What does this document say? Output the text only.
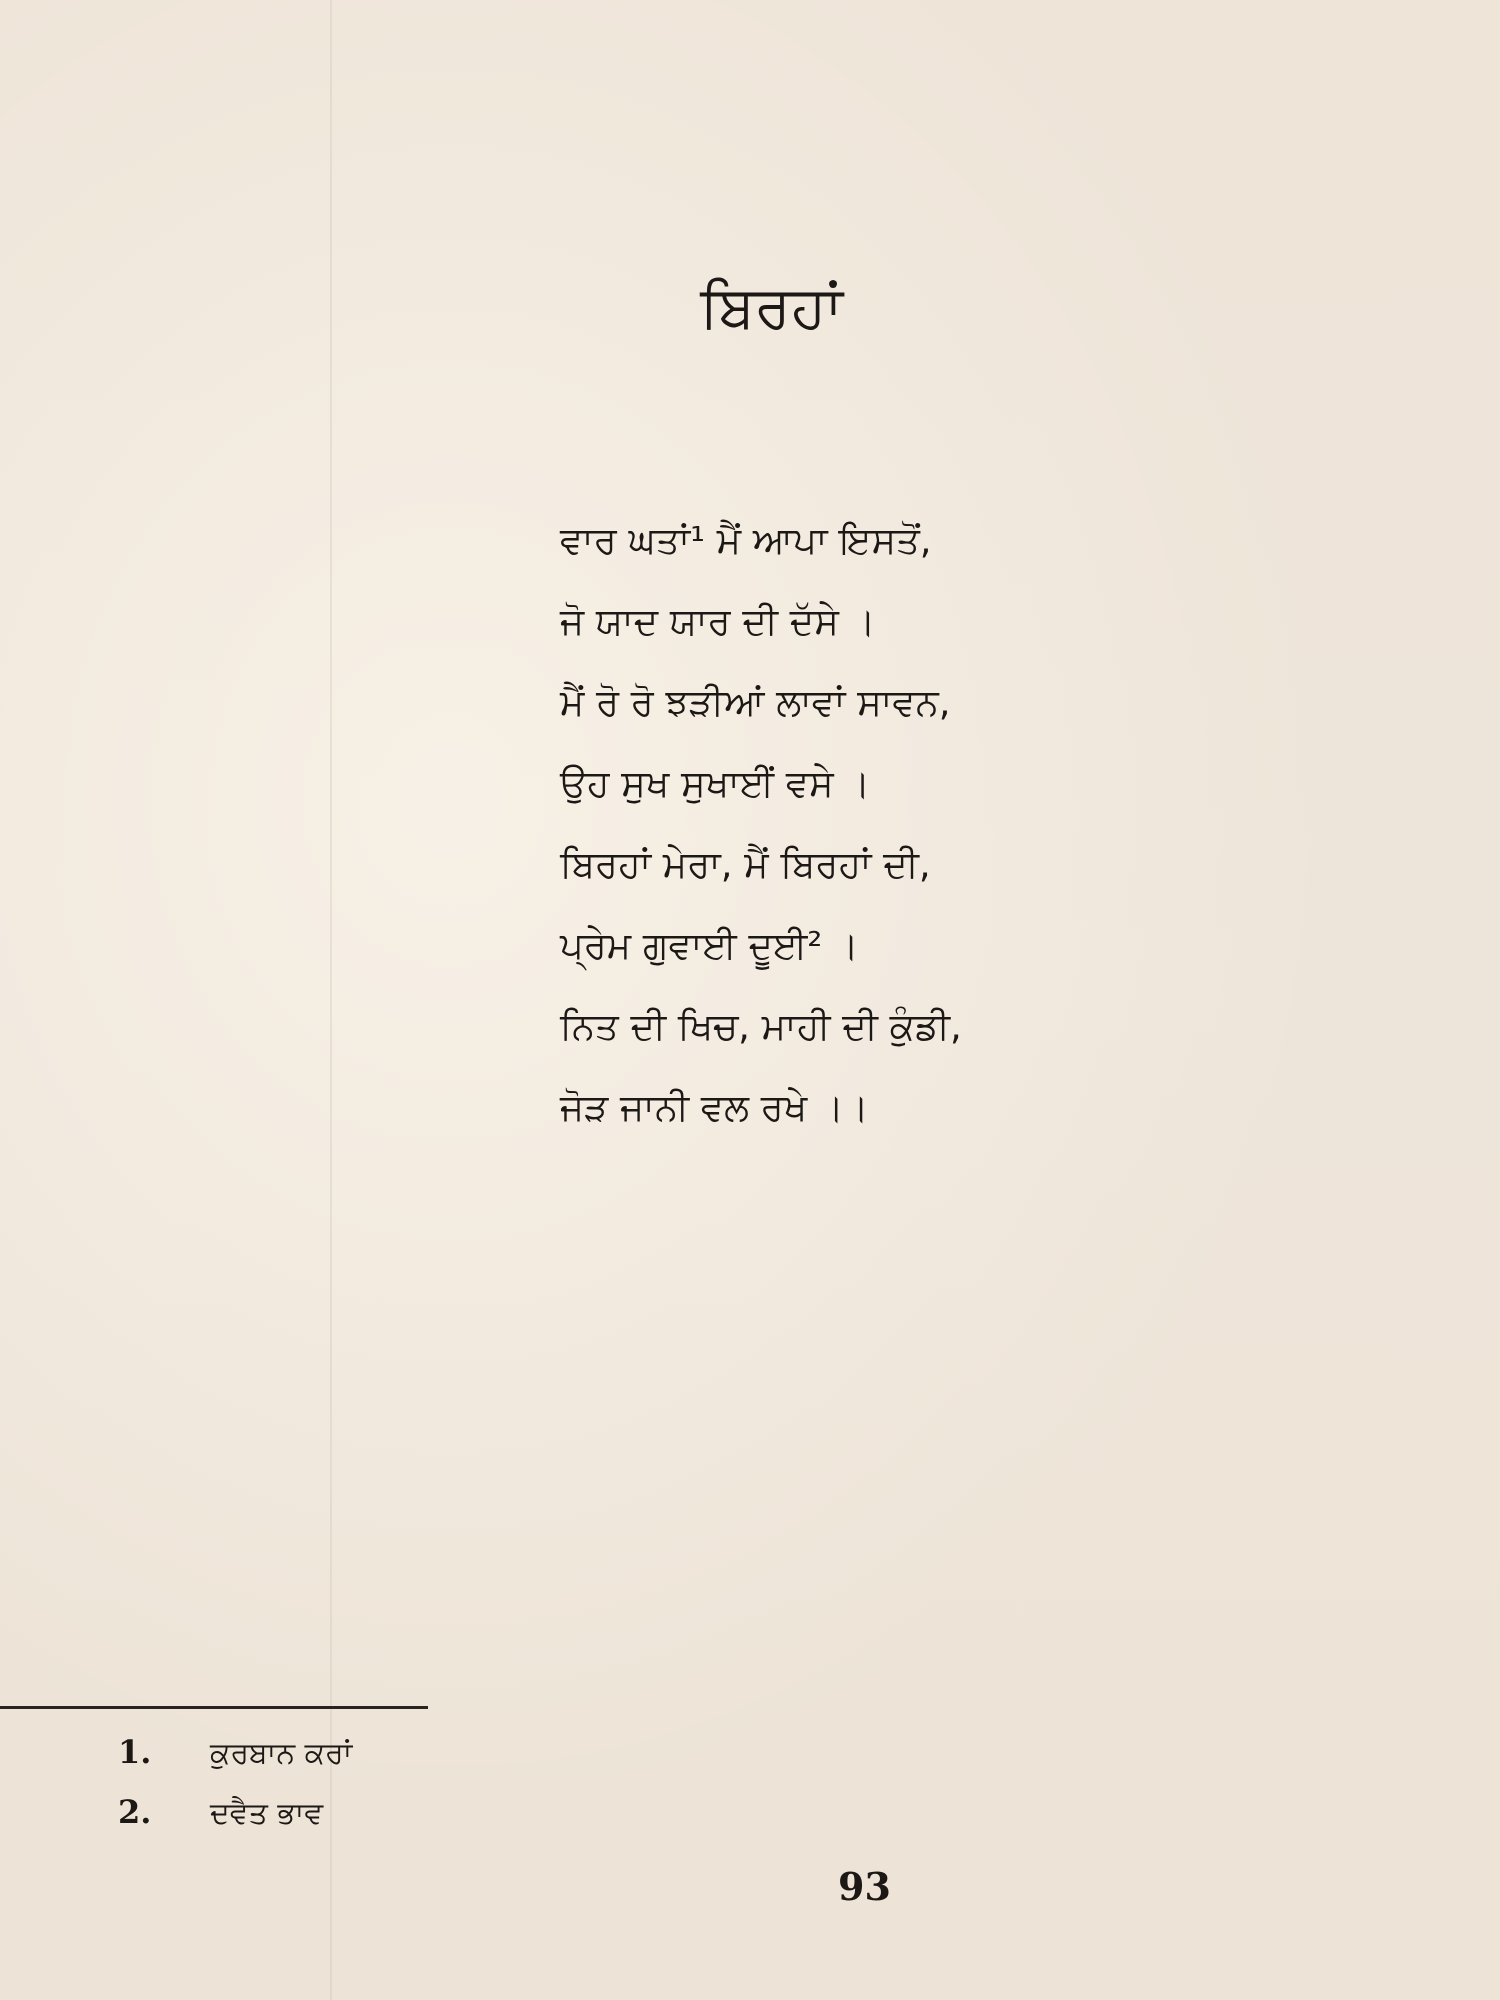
ਬਿਰਹਾਂ
ਵਾਰ ਘਤਾਂ¹ ਮੈਂ ਆਪਾ ਇਸਤੋਂ,
ਜੋ ਯਾਦ ਯਾਰ ਦੀ ਦੱਸੇ ।
ਮੈਂ ਰੋ ਰੋ ਝੜੀਆਂ ਲਾਵਾਂ ਸਾਵਨ,
ਉਹ ਸੁਖ ਸੁਖਾਈਂ ਵਸੇ ।
ਬਿਰਹਾਂ ਮੇਰਾ, ਮੈਂ ਬਿਰਹਾਂ ਦੀ,
ਪ੍ਰੇਮ ਗੁਵਾਈ ਦੂਈ² ।
ਨਿਤ ਦੀ ਖਿਚ, ਮਾਹੀ ਦੀ ਕੁੰਡੀ,
ਜੋੜ ਜਾਨੀ ਵਲ ਰਖੇ ।।
1. ਕੁਰਬਾਨ ਕਰਾਂ
2. ਦਵੈਤ ਭਾਵ
93
